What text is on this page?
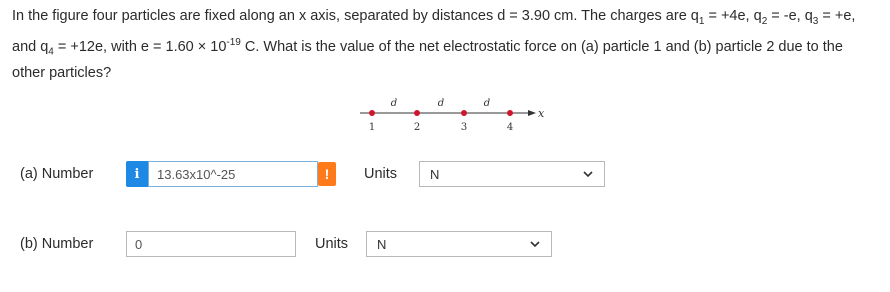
In the figure four particles are fixed along an x axis, separated by distances d = 3.90 cm. The charges are $q_1 = +4e$, $q_2 = -e$, $q_3 = +e$, and $q_4 = +12e$, with $e = 1.60 \times 10^{-19}$ C. What is the value of the net electrostatic force on (a) particle 1 and (b) particle 2 due to the other particles?
x
d	d	d
1	2	3	4
(a) Number	i	13.63x10^-25	!	Units	N
(b) Number	0	Units N
